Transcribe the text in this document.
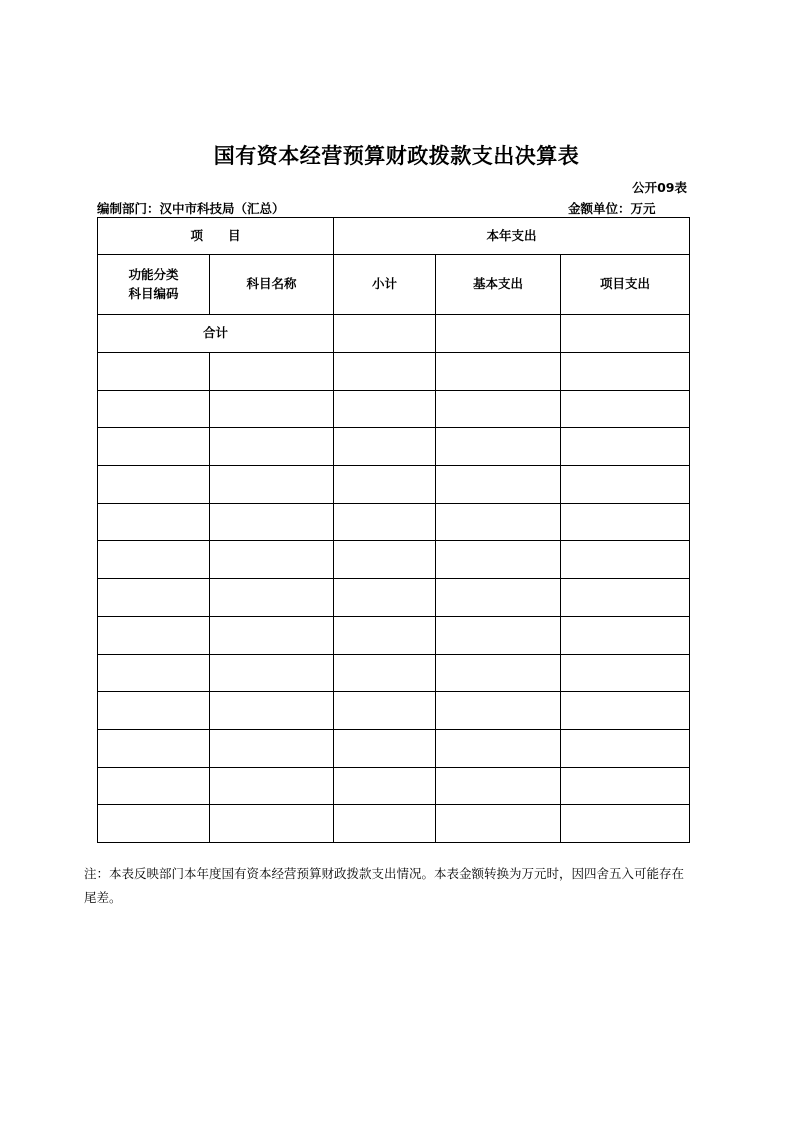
国有资本经营预算财政拨款支出决算表
公开09表
编制部门：汉中市科技局（汇总）	金额单位：万元
项　　目		本年支出		
功能分类
科目编码	科目名称	小计	基本支出	项目支出
合计				

注：本表反映部门本年度国有资本经营预算财政拨款支出情况。本表金额转换为万元时，因四舍五入可能存在尾差。
